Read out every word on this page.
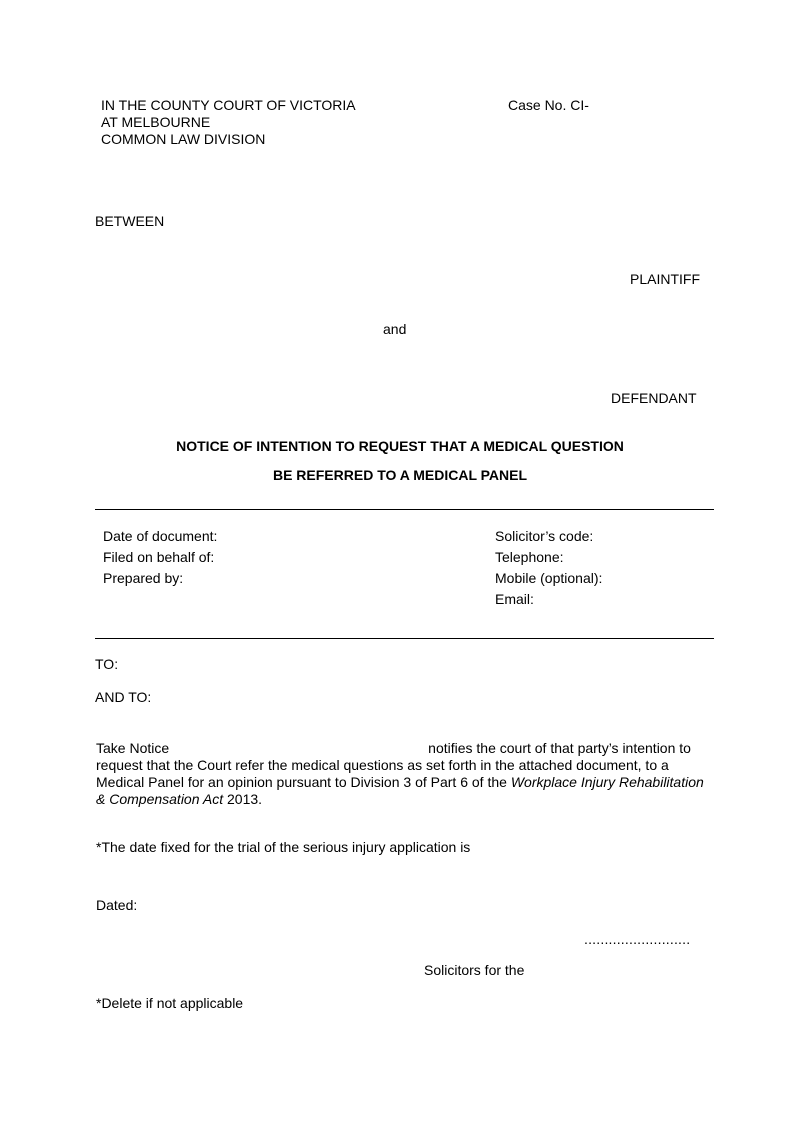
IN THE COUNTY COURT OF VICTORIA
AT MELBOURNE
COMMON LAW DIVISION
Case No. CI-
BETWEEN
PLAINTIFF
and
DEFENDANT
NOTICE OF INTENTION TO REQUEST THAT A MEDICAL QUESTION
BE REFERRED TO A MEDICAL PANEL
Date of document:
Filed on behalf of:
Prepared by:
Solicitor’s code:
Telephone:
Mobile (optional):
Email:
TO:
AND TO:
Take Notice	notifies the court of that party’s intention to request that the Court refer the medical questions as set forth in the attached document, to a Medical Panel for an opinion pursuant to Division 3 of Part 6 of the Workplace Injury Rehabilitation & Compensation Act 2013.
*The date fixed for the trial of the serious injury application is
Dated:
..........................
Solicitors for the
*Delete if not applicable
